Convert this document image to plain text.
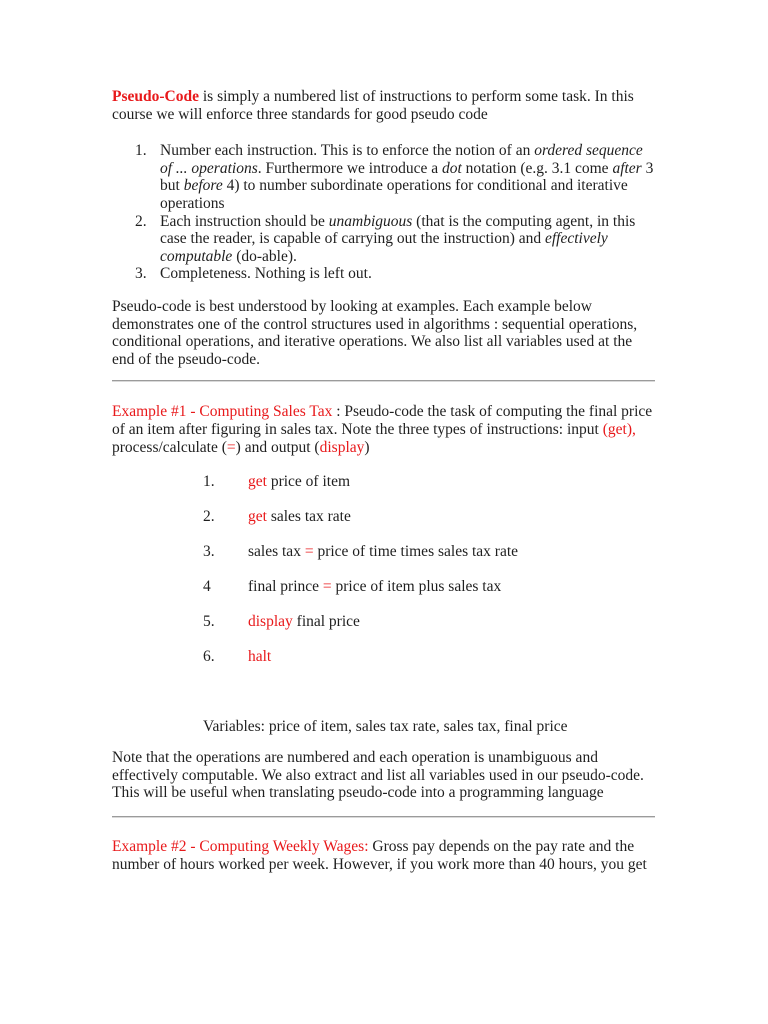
Pseudo-Code is simply a numbered list of instructions to perform some task. In this course we will enforce three standards for good pseudo code

1. Number each instruction. This is to enforce the notion of an ordered sequence of ... operations. Furthermore we introduce a dot notation (e.g. 3.1 come after 3 but before 4) to number subordinate operations for conditional and iterative operations
2. Each instruction should be unambiguous (that is the computing agent, in this case the reader, is capable of carrying out the instruction) and effectively computable (do-able).
3. Completeness. Nothing is left out.

Pseudo-code is best understood by looking at examples. Each example below demonstrates one of the control structures used in algorithms : sequential operations, conditional operations, and iterative operations. We also list all variables used at the end of the pseudo-code.

Example #1 - Computing Sales Tax : Pseudo-code the task of computing the final price of an item after figuring in sales tax. Note the three types of instructions: input (get), process/calculate (=) and output (display)

1. get price of item
2. get sales tax rate
3. sales tax = price of time times sales tax rate
4 final prince = price of item plus sales tax
5. display final price
6. halt

Variables: price of item, sales tax rate, sales tax, final price

Note that the operations are numbered and each operation is unambiguous and effectively computable. We also extract and list all variables used in our pseudo-code. This will be useful when translating pseudo-code into a programming language

Example #2 - Computing Weekly Wages: Gross pay depends on the pay rate and the number of hours worked per week. However, if you work more than 40 hours, you get
